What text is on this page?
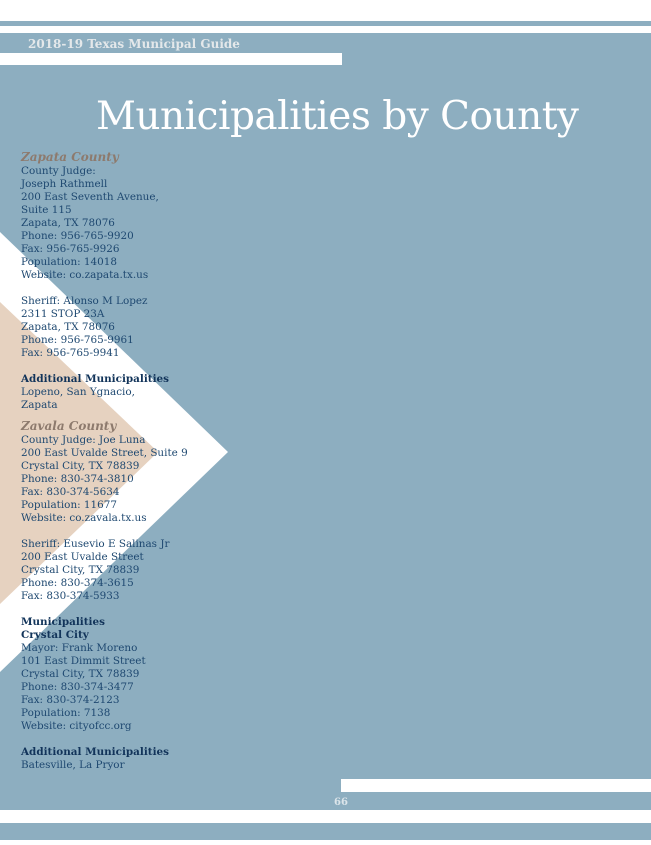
2018-19 Texas Municipal Guide
Municipalities by County
Zapata County
County Judge:
Joseph Rathmell
200 East Seventh Avenue,
Suite 115
Zapata, TX 78076
Phone: 956-765-9920
Fax: 956-765-9926
Population: 14018
Website: co.zapata.tx.us
Sheriff: Alonso M Lopez
2311 STOP 23A
Zapata, TX 78076
Phone: 956-765-9961
Fax: 956-765-9941
Additional Municipalities
Lopeno, San Ygnacio,
Zapata
Zavala County
County Judge: Joe Luna
200 East Uvalde Street, Suite 9
Crystal City, TX 78839
Phone: 830-374-3810
Fax: 830-374-5634
Population: 11677
Website: co.zavala.tx.us
Sheriff: Eusevio E Salinas Jr
200 East Uvalde Street
Crystal City, TX 78839
Phone: 830-374-3615
Fax: 830-374-5933
Municipalities
Crystal City
Mayor: Frank Moreno
101 East Dimmit Street
Crystal City, TX 78839
Phone: 830-374-3477
Fax: 830-374-2123
Population: 7138
Website: cityofcc.org
Additional Municipalities
Batesville, La Pryor
66
